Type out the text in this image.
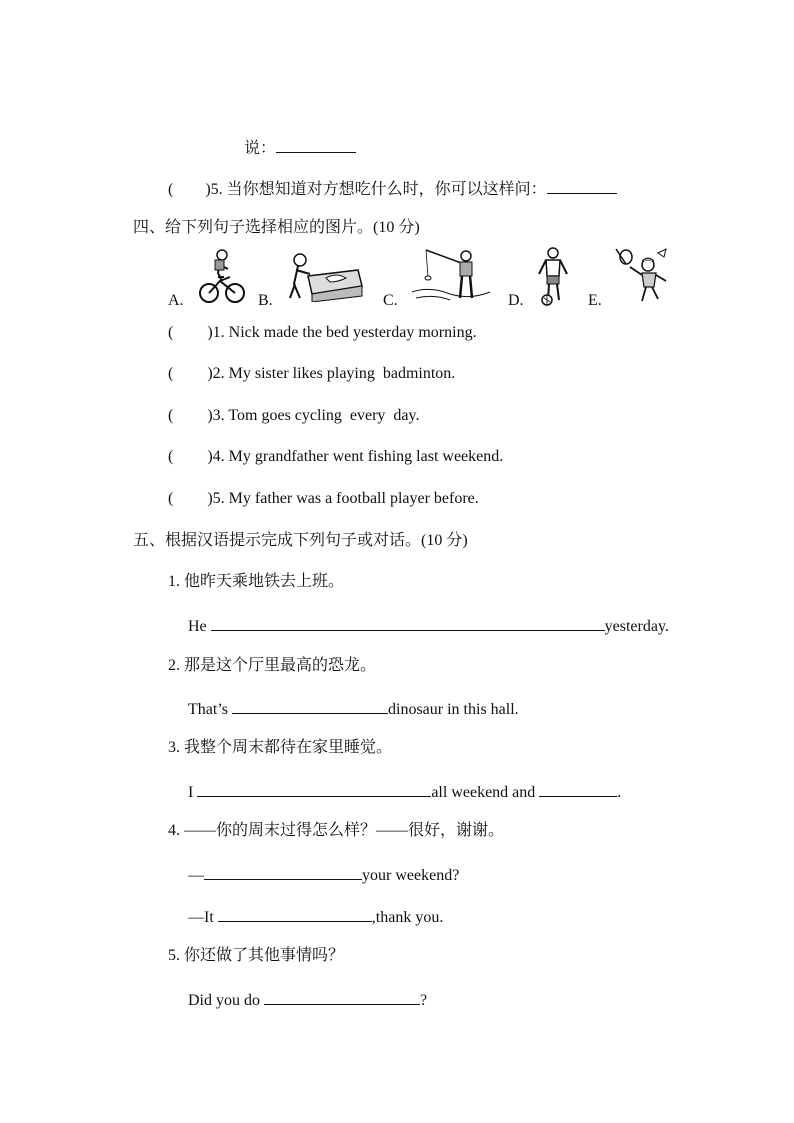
说：
( )5. 当你想知道对方想吃什么时，你可以这样问：
四、给下列句子选择相应的图片。(10 分)
A.	B.	C.	D.	E.
( )1. Nick made the bed yesterday morning.
( )2. My sister likes playing  badminton.
( )3. Tom goes cycling  every  day.
( )4. My grandfather went fishing last weekend.
( )5. My father was a football player before.
五、根据汉语提示完成下列句子或对话。(10 分)
1. 他昨天乘地铁去上班。
He	yesterday.
2. 那是这个厅里最高的恐龙。
That’s	dinosaur in this hall.
3. 我整个周末都待在家里睡觉。
I	all weekend and	.
4. ——你的周末过得怎么样？——很好，谢谢。
—	your weekend?
—It	,thank you.
5. 你还做了其他事情吗？
Did you do	?
